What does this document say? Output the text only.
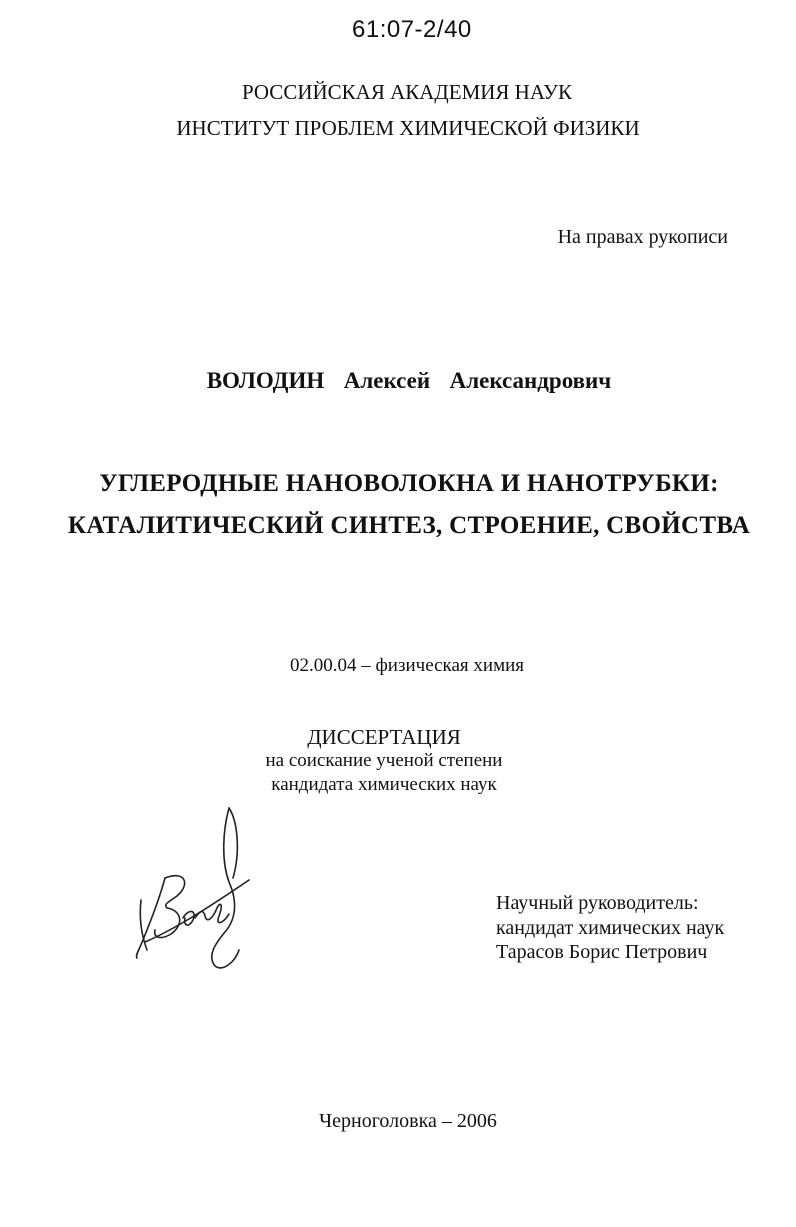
61:07-2/40
РОССИЙСКАЯ АКАДЕМИЯ НАУК
ИНСТИТУТ ПРОБЛЕМ ХИМИЧЕСКОЙ ФИЗИКИ
На правах рукописи
ВОЛОДИН  Алексей  Александрович
УГЛЕРОДНЫЕ НАНОВОЛОКНА И НАНОТРУБКИ:
КАТАЛИТИЧЕСКИЙ СИНТЕЗ, СТРОЕНИЕ, СВОЙСТВА
02.00.04 – физическая химия
ДИССЕРТАЦИЯ
на соискание ученой степени
кандидата химических наук
Научный руководитель:
кандидат химических наук
Тарасов Борис Петрович
Черноголовка – 2006
